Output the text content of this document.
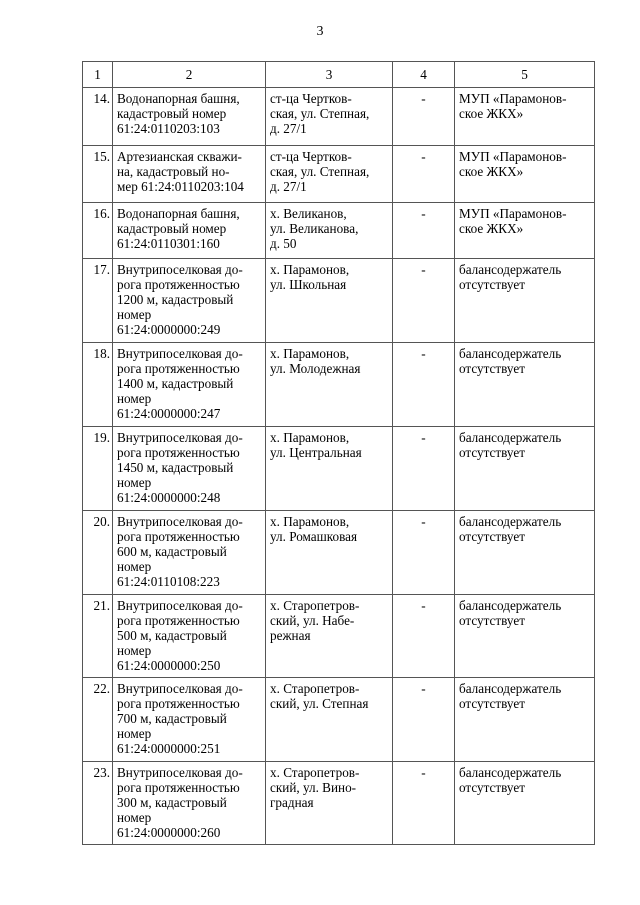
3
1	2	3	4	5

14.	Водонапорная башня,
кадастровый номер
61:24:0110203:103	ст-ца Чертков-
ская, ул. Степная,
д. 27/1	-	МУП «Парамонов-
ское ЖКХ»

15.	Артезианская скважи-
на, кадастровый но-
мер 61:24:0110203:104	ст-ца Чертков-
ская, ул. Степная,
д. 27/1	-	МУП «Парамонов-
ское ЖКХ»

16.	Водонапорная башня,
кадастровый номер
61:24:0110301:160	х. Великанов,
ул. Великанова,
д. 50	-	МУП «Парамонов-
ское ЖКХ»

17.	Внутрипоселковая до-
рога протяженностью
1200 м, кадастровый
номер
61:24:0000000:249	х. Парамонов,
ул. Школьная	-	балансодержатель
отсутствует

18.	Внутрипоселковая до-
рога протяженностью
1400 м, кадастровый
номер
61:24:0000000:247	х. Парамонов,
ул. Молодежная	-	балансодержатель
отсутствует

19.	Внутрипоселковая до-
рога протяженностью
1450 м, кадастровый
номер
61:24:0000000:248	х. Парамонов,
ул. Центральная	-	балансодержатель
отсутствует

20.	Внутрипоселковая до-
рога протяженностью
600 м, кадастровый
номер
61:24:0110108:223	х. Парамонов,
ул. Ромашковая	-	балансодержатель
отсутствует

21.	Внутрипоселковая до-
рога протяженностью
500 м, кадастровый
номер
61:24:0000000:250	х. Старопетров-
ский, ул. Набе-
режная	-	балансодержатель
отсутствует

22.	Внутрипоселковая до-
рога протяженностью
700 м, кадастровый
номер
61:24:0000000:251	х. Старопетров-
ский, ул. Степная	-	балансодержатель
отсутствует

23.	Внутрипоселковая до-
рога протяженностью
300 м, кадастровый
номер
61:24:0000000:260	х. Старопетров-
ский, ул. Вино-
градная	-	балансодержатель
отсутствует
